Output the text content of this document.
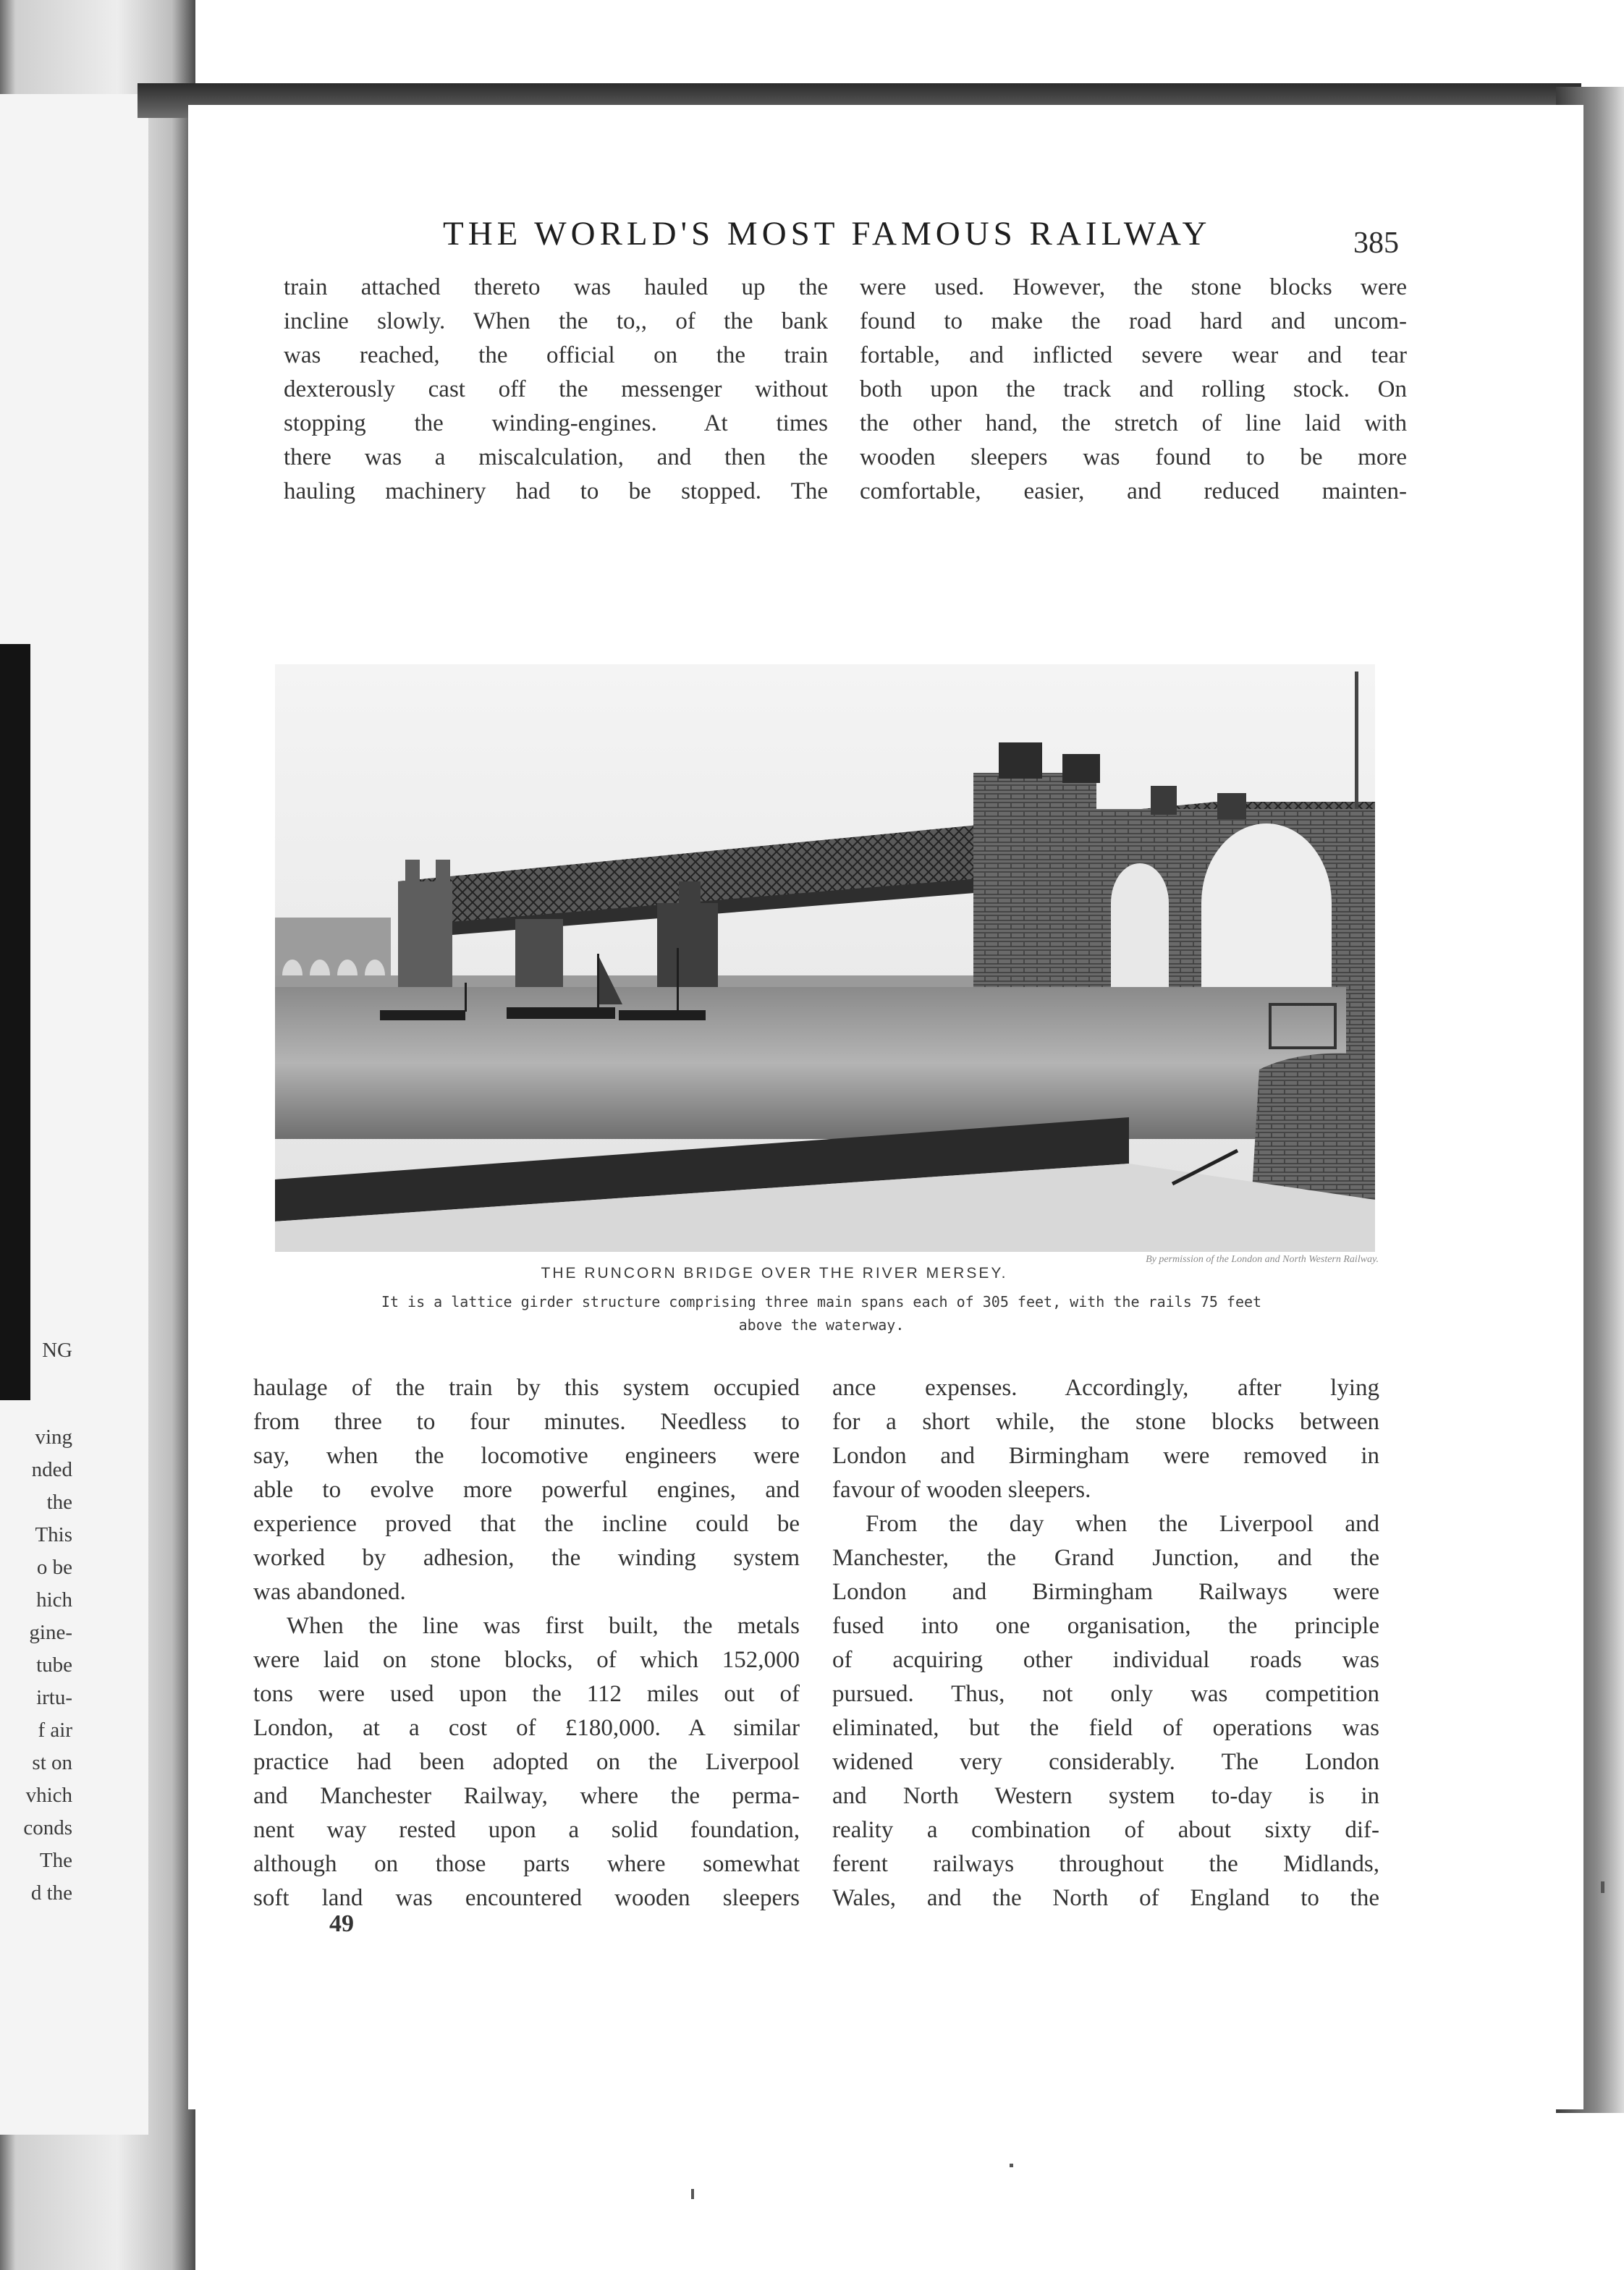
NG
ving
nded
the
This
o be
hich
gine-
tube
irtu-
f air
st on
vhich
conds
The
d the
THE WORLD'S MOST FAMOUS RAILWAY	385
train attached thereto was hauled up the
incline slowly. When the to,, of the bank
was reached, the official on the train
dexterously cast off the messenger without
stopping the winding-engines. At times
there was a miscalculation, and then the
hauling machinery had to be stopped. The
were used. However, the stone blocks were
found to make the road hard and uncom-
fortable, and inflicted severe wear and tear
both upon the track and rolling stock. On
the other hand, the stretch of line laid with
wooden sleepers was found to be more
comfortable, easier, and reduced mainten-
By permission of the London and North Western Railway.
THE RUNCORN BRIDGE OVER THE RIVER MERSEY.
It is a lattice girder structure comprising three main spans each of 305 feet, with the rails 75 feet
above the waterway.
haulage of the train by this system occupied
from three to four minutes. Needless to
say, when the locomotive engineers were
able to evolve more powerful engines, and
experience proved that the incline could be
worked by adhesion, the winding system
was abandoned.
When the line was first built, the metals
were laid on stone blocks, of which 152,000
tons were used upon the 112 miles out of
London, at a cost of £180,000. A similar
practice had been adopted on the Liverpool
and Manchester Railway, where the perma-
nent way rested upon a solid foundation,
although on those parts where somewhat
soft land was encountered wooden sleepers
ance expenses. Accordingly, after lying
for a short while, the stone blocks between
London and Birmingham were removed in
favour of wooden sleepers.
From the day when the Liverpool and
Manchester, the Grand Junction, and the
London and Birmingham Railways were
fused into one organisation, the principle
of acquiring other individual roads was
pursued. Thus, not only was competition
eliminated, but the field of operations was
widened very considerably. The London
and North Western system to-day is in
reality a combination of about sixty dif-
ferent railways throughout the Midlands,
Wales, and the North of England to the
49
